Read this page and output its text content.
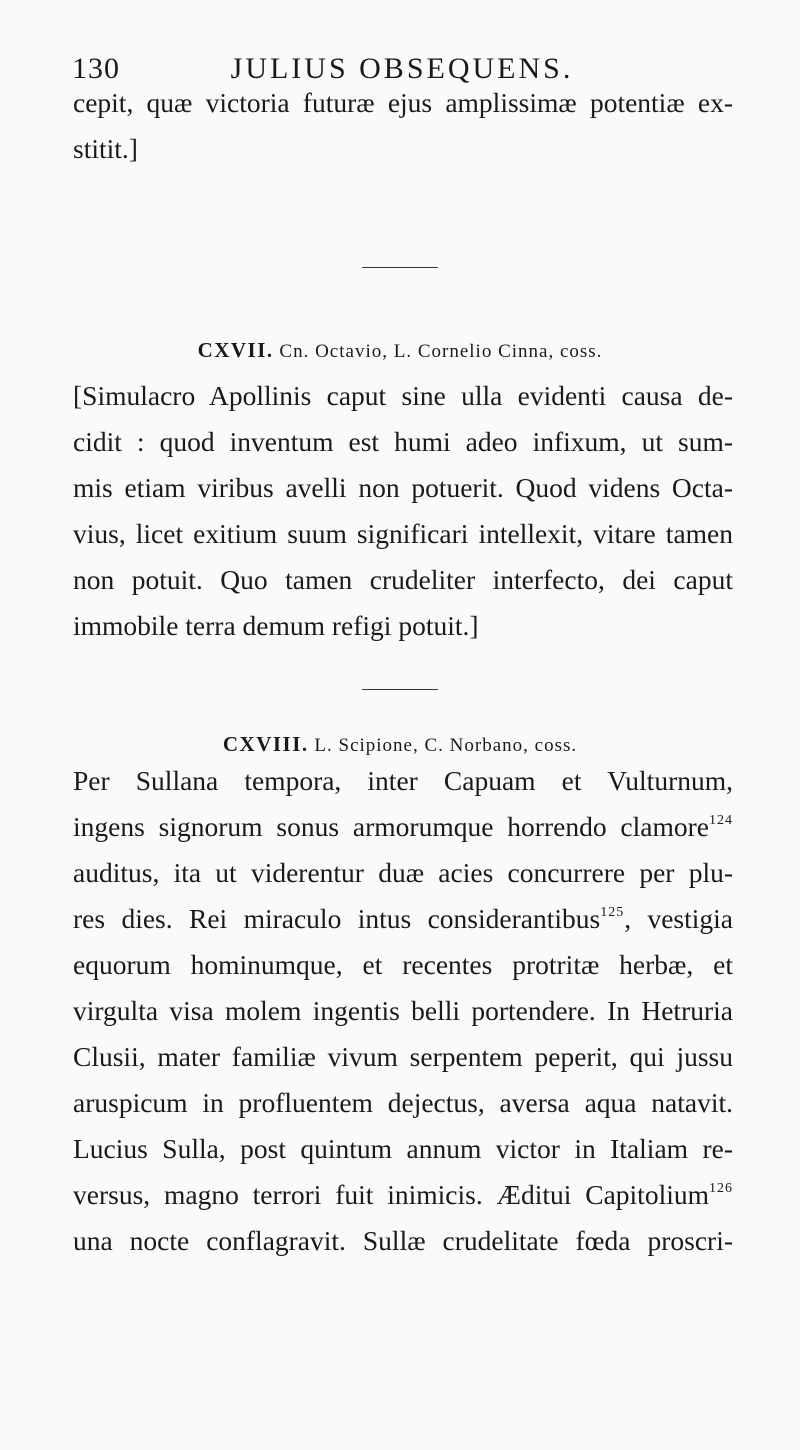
130	JULIUS OBSEQUENS.
cepit, quæ victoria futuræ ejus amplissimæ potentiæ ex-
stitit.]
CXVII. Cn. Octavio, L. Cornelio Cinna, coss.
[Simulacro Apollinis caput sine ulla evidenti causa de-
cidit : quod inventum est humi adeo infixum, ut sum-
mis etiam viribus avelli non potuerit. Quod videns Octa-
vius, licet exitium suum significari intellexit, vitare tamen
non potuit. Quo tamen crudeliter interfecto, dei caput
immobile terra demum refigi potuit.]
CXVIII. L. Scipione, C. Norbano, coss.
Per Sullana tempora, inter Capuam et Vulturnum,
ingens signorum sonus armorumque horrendo clamore$^{124}$
auditus, ita ut viderentur duæ acies concurrere per plu-
res dies. Rei miraculo intus considerantibus$^{125}$, vestigia
equorum hominumque, et recentes protritæ herbæ, et
virgulta visa molem ingentis belli portendere. In Hetruria
Clusii, mater familiæ vivum serpentem peperit, qui jussu
aruspicum in profluentem dejectus, aversa aqua natavit.
Lucius Sulla, post quintum annum victor in Italiam re-
versus, magno terrori fuit inimicis. Æditui Capitolium$^{126}$
una nocte conflagravit. Sullæ crudelitate fœda proscri-
